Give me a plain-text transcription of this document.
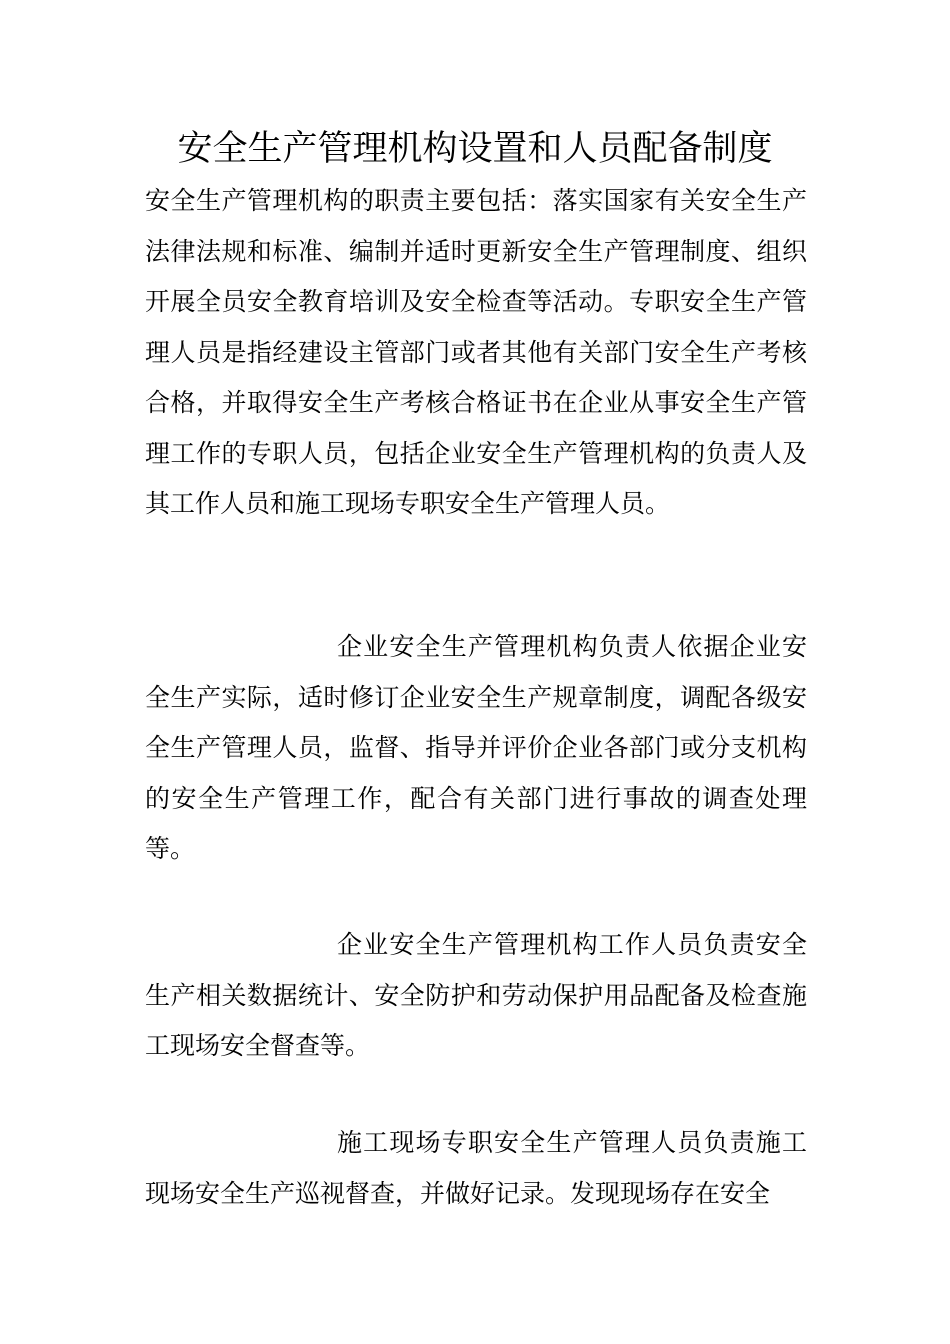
安全生产管理机构设置和人员配备制度

安全生产管理机构的职责主要包括：落实国家有关安全生产法律法规和标准、编制并适时更新安全生产管理制度、组织开展全员安全教育培训及安全检查等活动。专职安全生产管理人员是指经建设主管部门或者其他有关部门安全生产考核合格，并取得安全生产考核合格证书在企业从事安全生产管理工作的专职人员，包括企业安全生产管理机构的负责人及其工作人员和施工现场专职安全生产管理人员。

企业安全生产管理机构负责人依据企业安全生产实际，适时修订企业安全生产规章制度，调配各级安全生产管理人员，监督、指导并评价企业各部门或分支机构的安全生产管理工作，配合有关部门进行事故的调查处理等。

企业安全生产管理机构工作人员负责安全生产相关数据统计、安全防护和劳动保护用品配备及检查施工现场安全督查等。

施工现场专职安全生产管理人员负责施工现场安全生产巡视督查，并做好记录。发现现场存在安全
